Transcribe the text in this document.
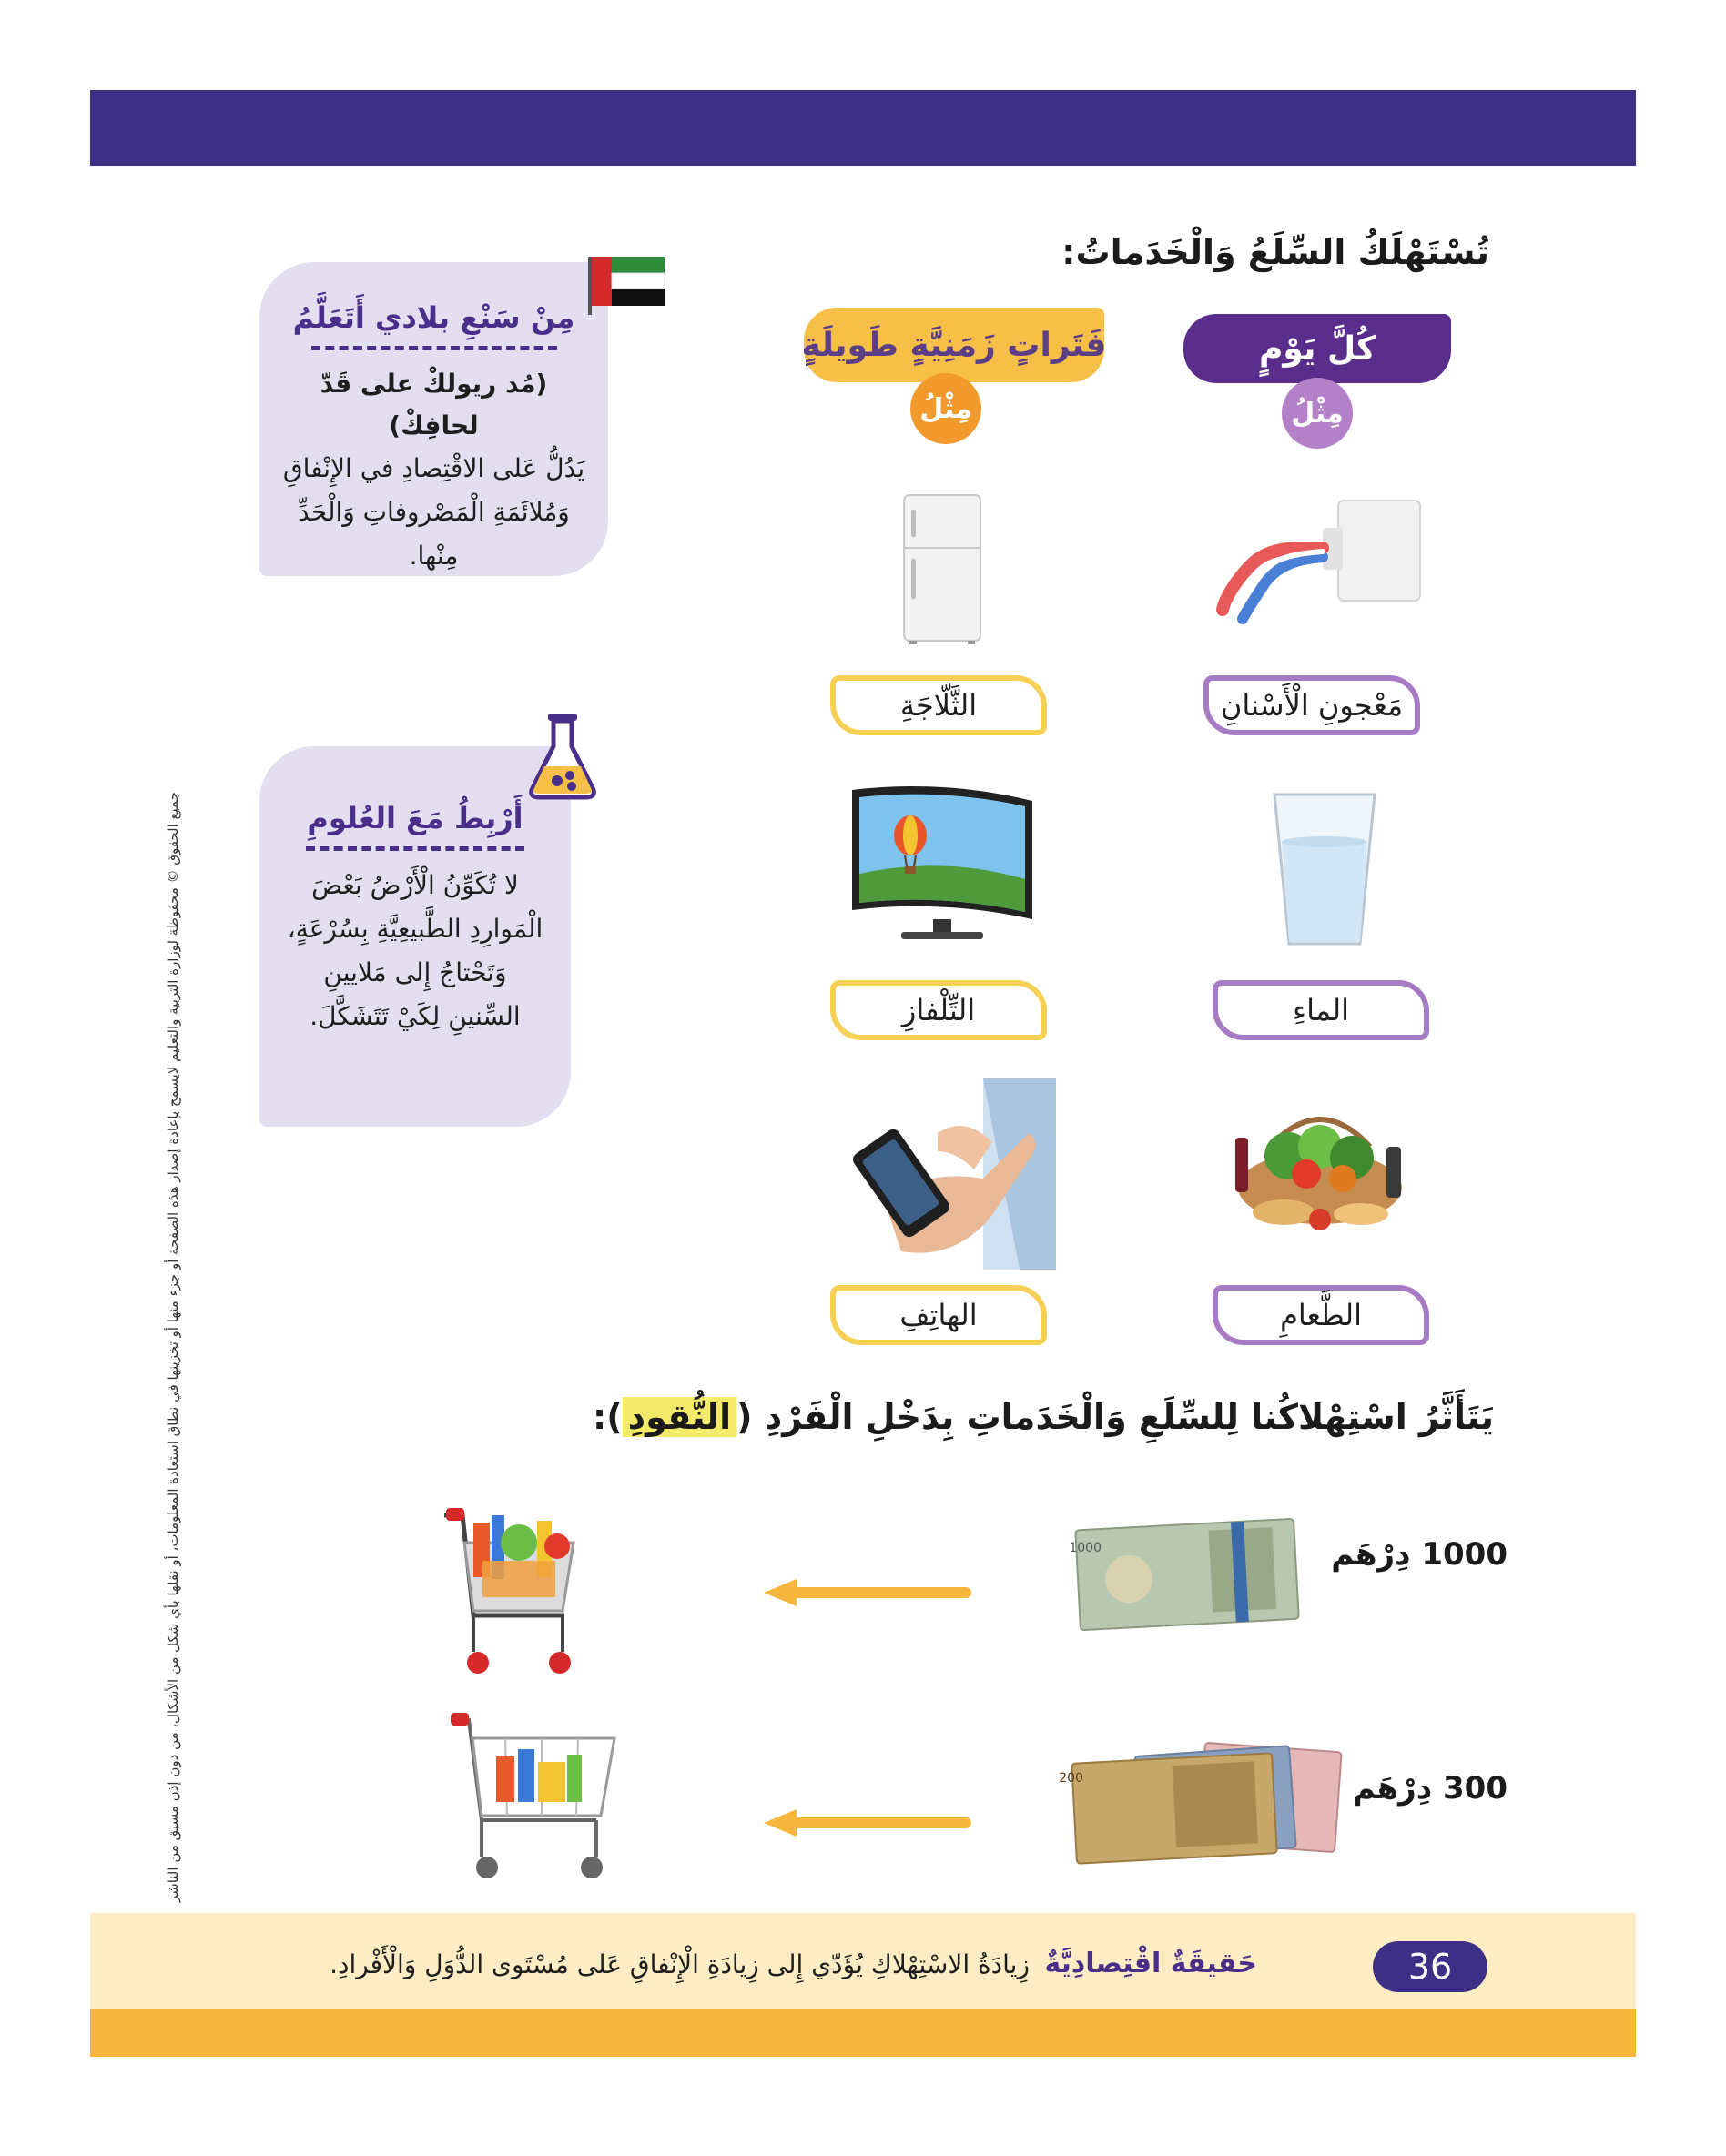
تُسْتَهْلَكُ السِّلَعُ وَالْخَدَماتُ:
كُلَّ يَوْمٍ
مِثْلُ
فَتَراتٍ زَمَنِيَّةٍ طَويلَةٍ
مِثْلُ
مَعْجونِ الْأَسْنانِ
الماءِ
الطَّعامِ
الثَّلّاجَةِ
التِّلْفازِ
الهاتِفِ
مِنْ سَنْعِ بلادي أَتَعَلَّمُ
(مُد ريولكْ على قَدّ لحافِكْ)
يَدُلُّ عَلى الاقْتِصادِ في الإِنْفاقِ
وَمُلائَمَةِ الْمَصْروفاتِ وَالْحَدِّ مِنْها.
أَرْبِطُ مَعَ العُلومِ
لا تُكَوِّنُ الْأَرْضُ بَعْضَ
الْمَوارِدِ الطَّبيعِيَّةِ بِسُرْعَةٍ،
وَتَحْتاجُ إِلى مَلايينِ
السِّنينِ لِكَيْ تَتَشَكَّلَ.
يَتَأَثَّرُ اسْتِهْلاكُنا لِلسِّلَعِ وَالْخَدَماتِ بِدَخْلِ الْفَرْدِ (النُّقودِ):
1000 دِرْهَم
1000
300 دِرْهَم
200
جميع الحقوق © محفوظة لوزارة التربية والتعليم لايسمح بإعادة إصدار هذه الصفحة أو جزء منها أو تخزينها في نطاق استعادة المعلومات، أو نقلها بأي شكل من الأشكال، من دون إذن مسبق من الناشر
36
حَقيقَةٌ اقْتِصادِيَّةٌ
زِيادَةُ الاسْتِهْلاكِ يُؤَدّي إِلى زِيادَةِ الْإِنْفاقِ عَلى مُسْتَوى الدُّوَلِ وَالْأَفْرادِ.
